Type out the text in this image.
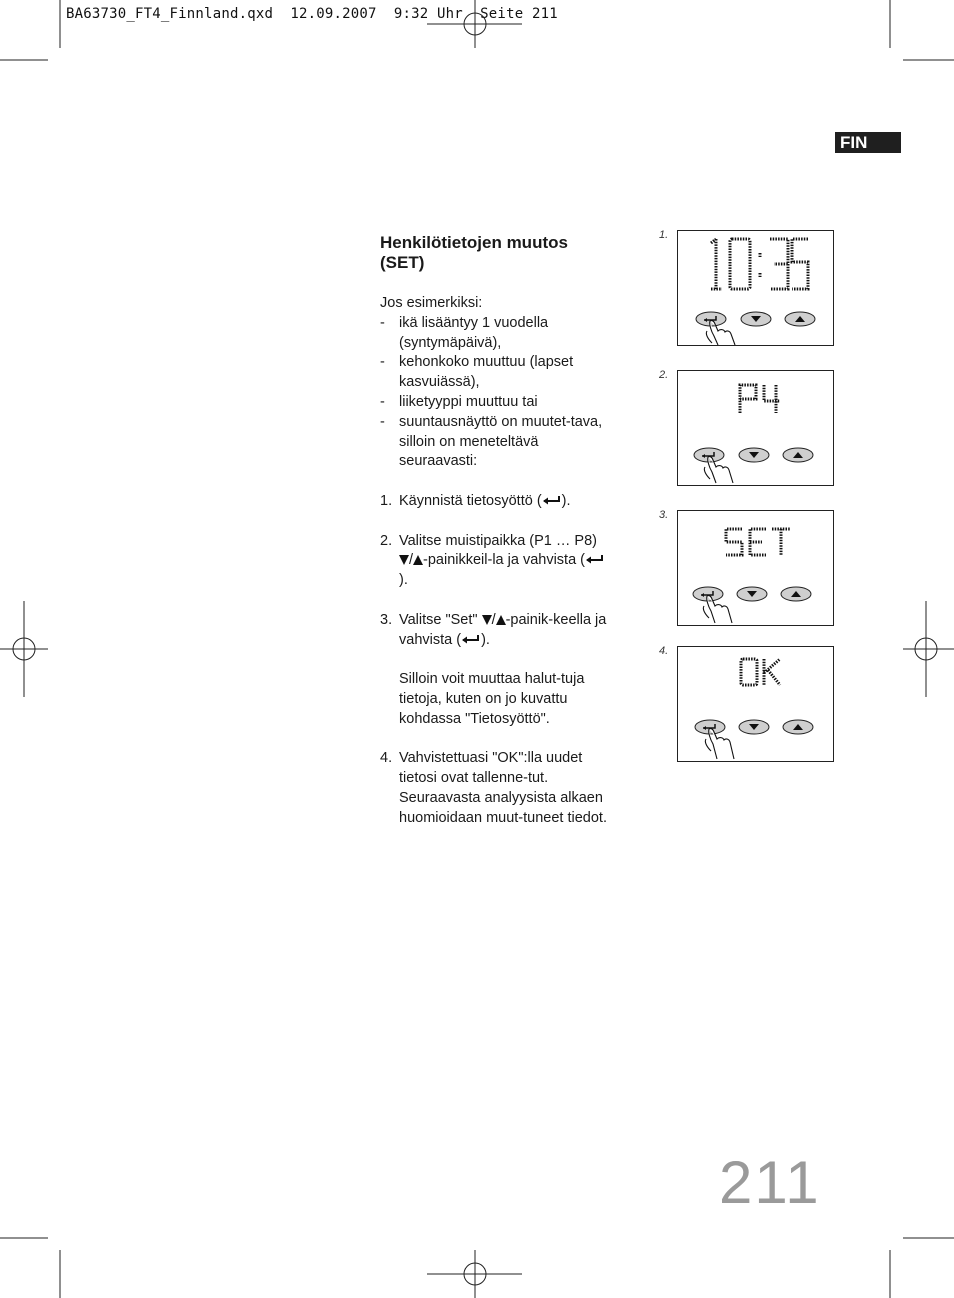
BA63730_FT4_Finnland.qxd  12.09.2007  9:32 Uhr  Seite 211
FIN
Henkilötietojen muutos (SET)

Jos esimerkiksi:

- ikä lisääntyy 1 vuodella (syntymäpäivä),
- kehonkoko muuttuu (lapset kasvuiässä),
- liiketyyppi muuttuu tai
- suuntausnäyttö on muutet-tava, silloin on meneteltävä seuraavasti:
1. Käynnistä tietosyöttö ( ).
2. Valitse muistipaikka (P1 … P8) / -painikkeil-la ja vahvista ().
3. Valitse "Set" / -painik-keella ja vahvista ( ).
Silloin voit muuttaa halut-tuja tietoja, kuten on jo kuvattu kohdassa "Tietosyöttö".
4. Vahvistettuasi "OK":lla uudet tietosi ovat tallenne-tut. Seuraavasta analyysista alkaen huomioidaan muut-tuneet tiedot.
1.
2.
3.
4.
211
